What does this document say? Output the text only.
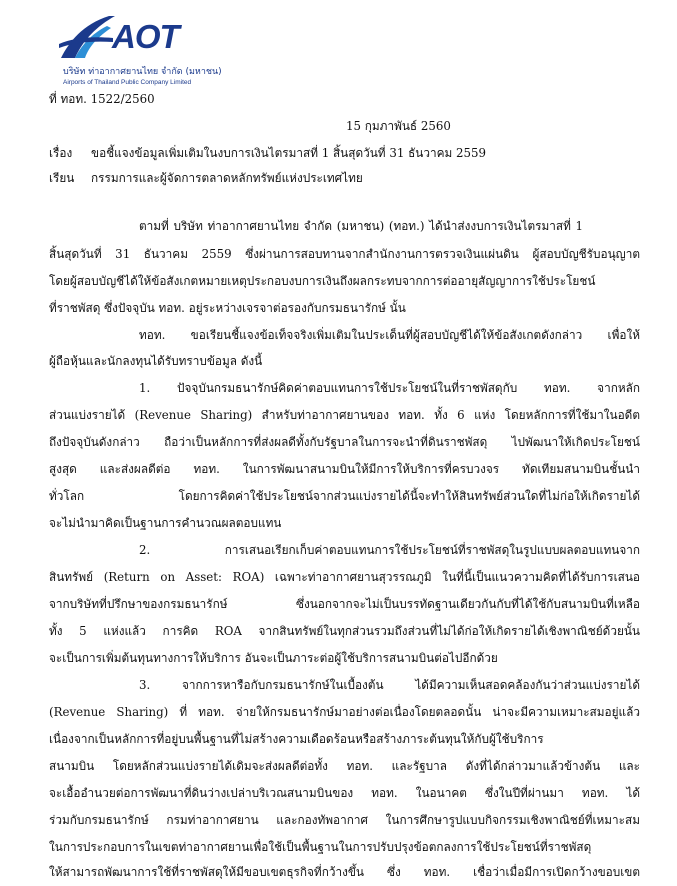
AOT
บริษัท ท่าอากาศยานไทย จำกัด (มหาชน)
Airports of Thailand Public Company Limited
ที่ ทอท. 1522/2560
15 กุมภาพันธ์ 2560
เรื่อง ขอชี้แจงข้อมูลเพิ่มเติมในงบการเงินไตรมาสที่ 1 สิ้นสุดวันที่ 31 ธันวาคม 2559
เรียน กรรมการและผู้จัดการตลาดหลักทรัพย์แห่งประเทศไทย
ตามที่ บริษัท ท่าอากาศยานไทย จำกัด (มหาชน) (ทอท.) ได้นำส่งงบการเงินไตรมาสที่ 1
สิ้นสุดวันที่ 31 ธันวาคม 2559 ซึ่งผ่านการสอบทานจากสำนักงานการตรวจเงินแผ่นดิน ผู้สอบบัญชีรับอนุญาต
โดยผู้สอบบัญชีได้ให้ข้อสังเกตหมายเหตุประกอบงบการเงินถึงผลกระทบจากการต่ออายุสัญญาการใช้ประโยชน์
ที่ราชพัสดุ ซึ่งปัจจุบัน ทอท. อยู่ระหว่างเจรจาต่อรองกับกรมธนารักษ์ นั้น
ทอท. ขอเรียนชี้แจงข้อเท็จจริงเพิ่มเติมในประเด็นที่ผู้สอบบัญชีได้ให้ข้อสังเกตดังกล่าว เพื่อให้
ผู้ถือหุ้นและนักลงทุนได้รับทราบข้อมูล ดังนี้
1. ปัจจุบันกรมธนารักษ์คิดค่าตอบแทนการใช้ประโยชน์ในที่ราชพัสดุกับ ทอท. จากหลัก
ส่วนแบ่งรายได้ (Revenue Sharing) สำหรับท่าอากาศยานของ ทอท. ทั้ง 6 แห่ง โดยหลักการที่ใช้มาในอดีต
ถึงปัจจุบันดังกล่าว ถือว่าเป็นหลักการที่ส่งผลดีทั้งกับรัฐบาลในการจะนำที่ดินราชพัสดุ ไปพัฒนาให้เกิดประโยชน์
สูงสุด และส่งผลดีต่อ ทอท. ในการพัฒนาสนามบินให้มีการให้บริการที่ครบวงจร ทัดเทียมสนามบินชั้นนำ
ทั่วโลก โดยการคิดค่าใช้ประโยชน์จากส่วนแบ่งรายได้นี้จะทำให้สินทรัพย์ส่วนใดที่ไม่ก่อให้เกิดรายได้
จะไม่นำมาคิดเป็นฐานการคำนวณผลตอบแทน
2. การเสนอเรียกเก็บค่าตอบแทนการใช้ประโยชน์ที่ราชพัสดุในรูปแบบผลตอบแทนจาก
สินทรัพย์ (Return on Asset: ROA) เฉพาะท่าอากาศยานสุวรรณภูมิ ในที่นี้เป็นแนวความคิดที่ได้รับการเสนอ
จากบริษัทที่ปรึกษาของกรมธนารักษ์ ซึ่งนอกจากจะไม่เป็นบรรทัดฐานเดียวกันกับที่ได้ใช้กับสนามบินที่เหลือ
ทั้ง 5 แห่งแล้ว การคิด ROA จากสินทรัพย์ในทุกส่วนรวมถึงส่วนที่ไม่ได้ก่อให้เกิดรายได้เชิงพาณิชย์ด้วยนั้น
จะเป็นการเพิ่มต้นทุนทางการให้บริการ อันจะเป็นภาระต่อผู้ใช้บริการสนามบินต่อไปอีกด้วย
3. จากการหารือกับกรมธนารักษ์ในเบื้องต้น ได้มีความเห็นสอดคล้องกันว่าส่วนแบ่งรายได้
(Revenue Sharing) ที่ ทอท. จ่ายให้กรมธนารักษ์มาอย่างต่อเนื่องโดยตลอดนั้น น่าจะมีความเหมาะสมอยู่แล้ว
เนื่องจากเป็นหลักการที่อยู่บนพื้นฐานที่ไม่สร้างความเดือดร้อนหรือสร้างภาระต้นทุนให้กับผู้ใช้บริการ
สนามบิน โดยหลักส่วนแบ่งรายได้เดิมจะส่งผลดีต่อทั้ง ทอท. และรัฐบาล ดังที่ได้กล่าวมาแล้วข้างต้น และ
จะเอื้ออำนวยต่อการพัฒนาที่ดินว่างเปล่าบริเวณสนามบินของ ทอท. ในอนาคต ซึ่งในปีที่ผ่านมา ทอท. ได้
ร่วมกับกรมธนารักษ์ กรมท่าอากาศยาน และกองทัพอากาศ ในการศึกษารูปแบบกิจกรรมเชิงพาณิชย์ที่เหมาะสม
ในการประกอบการในเขตท่าอากาศยานเพื่อใช้เป็นพื้นฐานในการปรับปรุงข้อตกลงการใช้ประโยชน์ที่ราชพัสดุ
ให้สามารถพัฒนาการใช้ที่ราชพัสดุให้มีขอบเขตธุรกิจที่กว้างขึ้น ซึ่ง ทอท. เชื่อว่าเมื่อมีการเปิดกว้างขอบเขต
